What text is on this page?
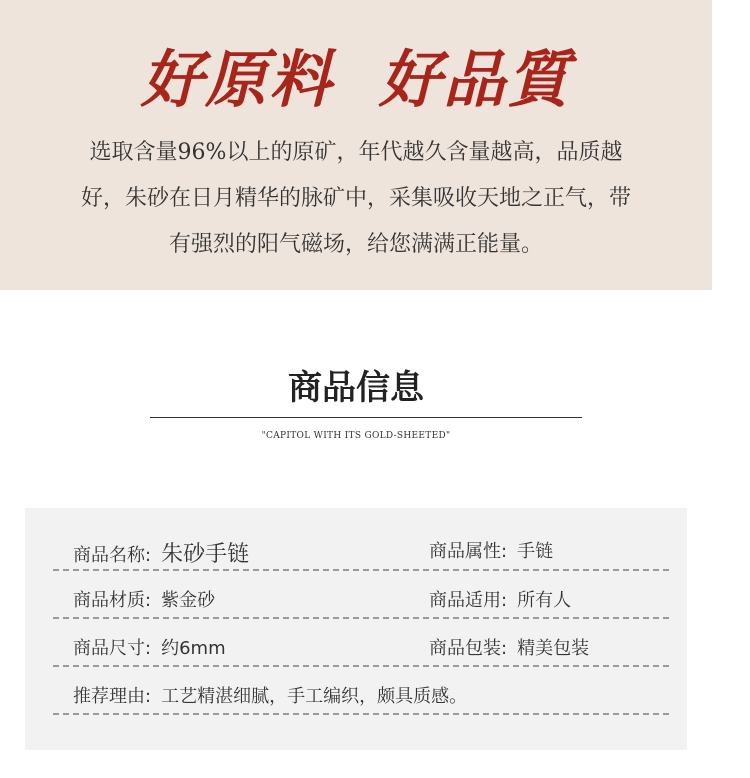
好原料 好品質
选取含量96%以上的原矿，年代越久含量越高，品质越
好，朱砂在日月精华的脉矿中，采集吸收天地之正气，带
有强烈的阳气磁场，给您满满正能量。
商品信息
"CAPITOL WITH ITS GOLD-SHEETED"
商品名称: 朱砂手链	商品属性: 手链
商品材质: 紫金砂	商品适用: 所有人
商品尺寸: 约6mm	商品包装: 精美包装
推荐理由: 工艺精湛细腻，手工编织，颇具质感。
